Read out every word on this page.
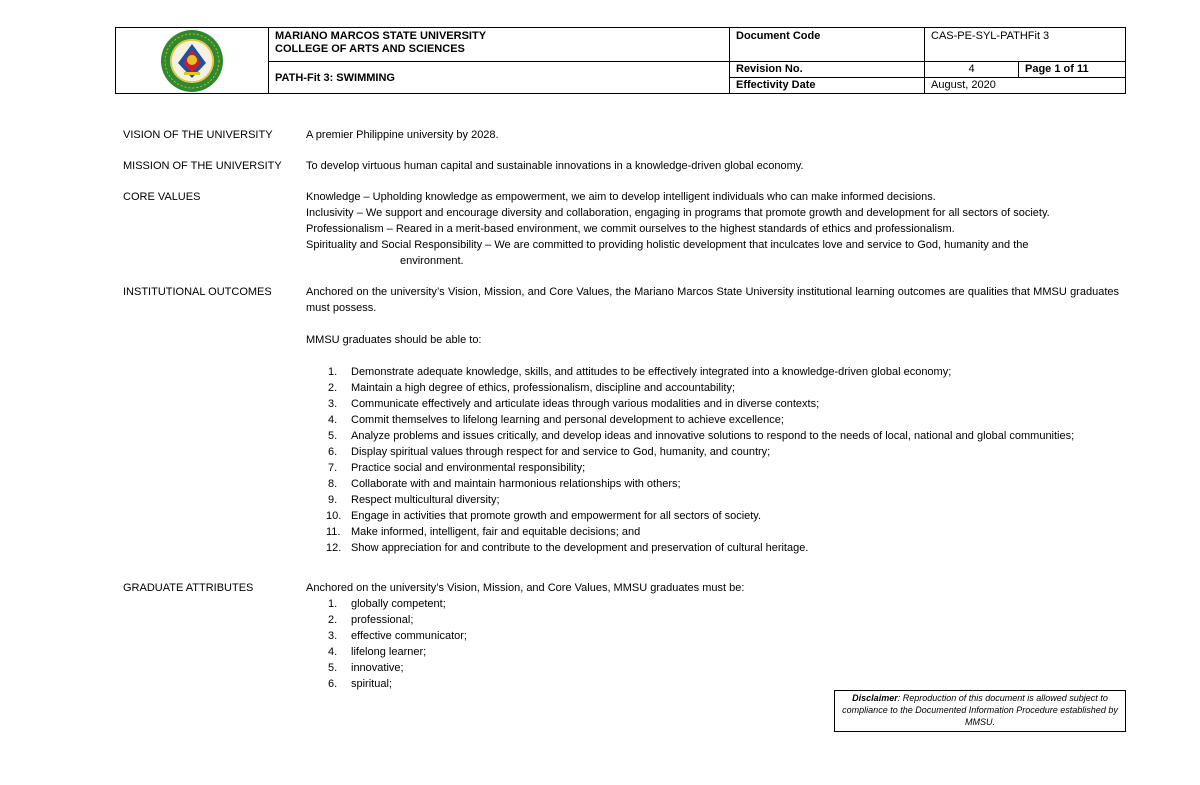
MARIANO MARCOS STATE UNIVERSITY
COLLEGE OF ARTS AND SCIENCES
PATH-Fit 3: SWIMMING
Document Code	CAS-PE-SYL-PATHFit 3
Revision No.	4	Page 1 of 11
Effectivity Date	August, 2020
VISION OF THE UNIVERSITY	A premier Philippine university by 2028.
MISSION OF THE UNIVERSITY To develop virtuous human capital and sustainable innovations in a knowledge-driven global economy.
CORE VALUES	Knowledge – Upholding knowledge as empowerment, we aim to develop intelligent individuals who can make informed decisions.
Inclusivity – We support and encourage diversity and collaboration, engaging in programs that promote growth and development for all sectors of society.
Professionalism – Reared in a merit-based environment, we commit ourselves to the highest standards of ethics and professionalism.
Spirituality and Social Responsibility – We are committed to providing holistic development that inculcates love and service to God, humanity and the
environment.
INSTITUTIONAL OUTCOMES	Anchored on the university’s Vision, Mission, and Core Values, the Mariano Marcos State University institutional learning outcomes are qualities that MMSU graduates must possess.
MMSU graduates should be able to:
1. Demonstrate adequate knowledge, skills, and attitudes to be effectively integrated into a knowledge-driven global economy;
2. Maintain a high degree of ethics, professionalism, discipline and accountability;
3. Communicate effectively and articulate ideas through various modalities and in diverse contexts;
4. Commit themselves to lifelong learning and personal development to achieve excellence;
5. Analyze problems and issues critically, and develop ideas and innovative solutions to respond to the needs of local, national and global communities;
6. Display spiritual values through respect for and service to God, humanity, and country;
7. Practice social and environmental responsibility;
8. Collaborate with and maintain harmonious relationships with others;
9. Respect multicultural diversity;
10. Engage in activities that promote growth and empowerment for all sectors of society.
11. Make informed, intelligent, fair and equitable decisions; and
12. Show appreciation for and contribute to the development and preservation of cultural heritage.
GRADUATE ATTRIBUTES	Anchored on the university’s Vision, Mission, and Core Values, MMSU graduates must be:
1. globally competent;
2. professional;
3. effective communicator;
4. lifelong learner;
5. innovative;
6. spiritual;
Disclaimer: Reproduction of this document is allowed subject to compliance to the Documented Information Procedure established by MMSU.
